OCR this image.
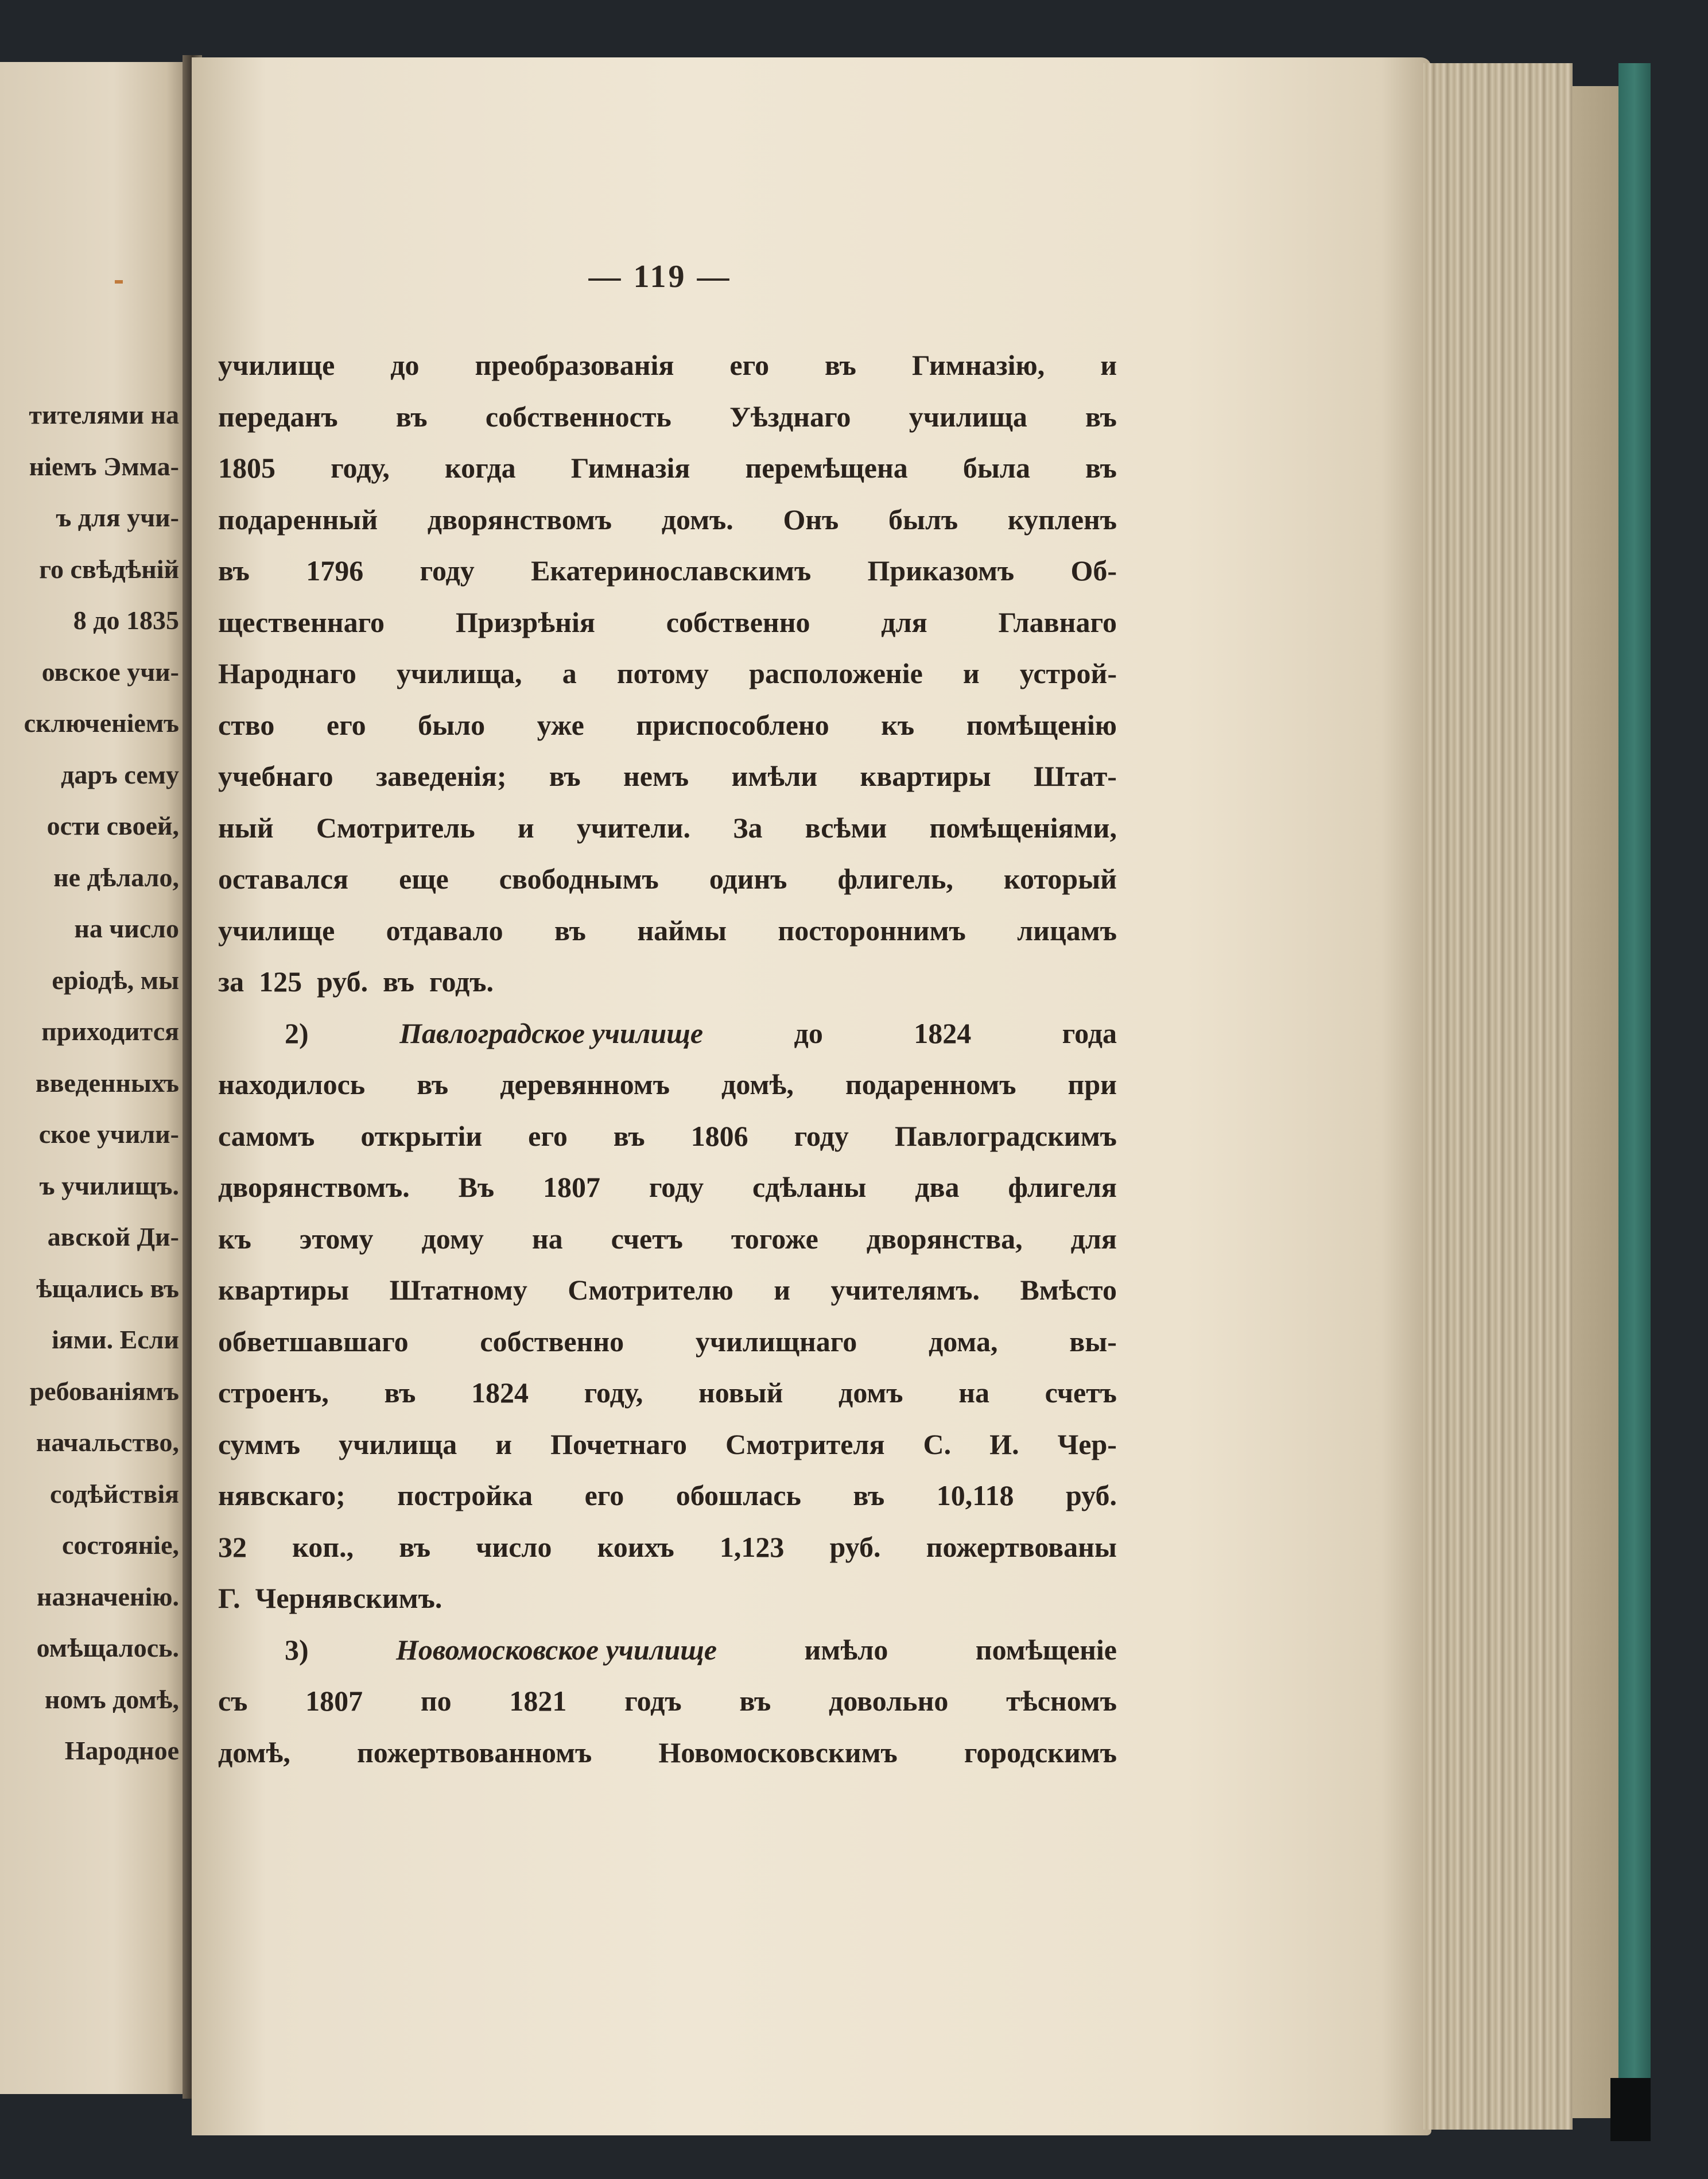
тителями на
ніемъ Эмма-
ъ для учи-
го свѣдѣній
8 до 1835
овское учи-
сключеніемъ
даръ сему
ости своей,
не дѣлало,
на число
еріодѣ, мы
приходится
введенныхъ
ское учили-
ъ училищъ.
авской Ди-
ѣщались въ
іями. Если
ребованіямъ
начальство,
содѣйствія
состояніе,
назначенію.
омѣщалось.
номъ домѣ,
Народное
— 119 —
училище до преобразованія его въ Гимназію, и
переданъ въ собственность Уѣзднаго училища въ
1805 году, когда Гимназія перемѣщена была въ
подаренный дворянствомъ домъ. Онъ былъ купленъ
въ 1796 году Екатеринославскимъ Приказомъ Об-
щественнаго Призрѣнія собственно для Главнаго
Народнаго училища, а потому расположеніе и устрой-
ство его было уже приспособлено къ помѣщенію
учебнаго заведенія; въ немъ имѣли квартиры Штат-
ный Смотритель и учители. За всѣми помѣщеніями,
оставался еще свободнымъ одинъ флигель, который
училище отдавало въ наймы постороннимъ лицамъ
за 125 руб. въ годъ.
2)	Павлоградское училище	до	1824	года
находилось въ деревянномъ домѣ, подаренномъ при
самомъ открытіи его въ 1806 году Павлоградскимъ
дворянствомъ. Въ 1807 году сдѣланы два флигеля
къ этому дому на счетъ тогоже дворянства, для
квартиры Штатному Смотрителю и учителямъ. Вмѣсто
обветшавшаго собственно училищнаго дома, вы-
строенъ, въ 1824 году, новый домъ на счетъ
суммъ училища и Почетнаго Смотрителя С. И. Чер-
нявскаго; постройка его обошлась въ 10,118 руб.
32 коп., въ число коихъ 1,123 руб. пожертвованы
Г. Чернявскимъ.
3)	Новомосковское училище	имѣло	помѣщеніе
съ 1807 по 1821 годъ въ довольно тѣсномъ
домѣ, пожертвованномъ Новомосковскимъ городскимъ
